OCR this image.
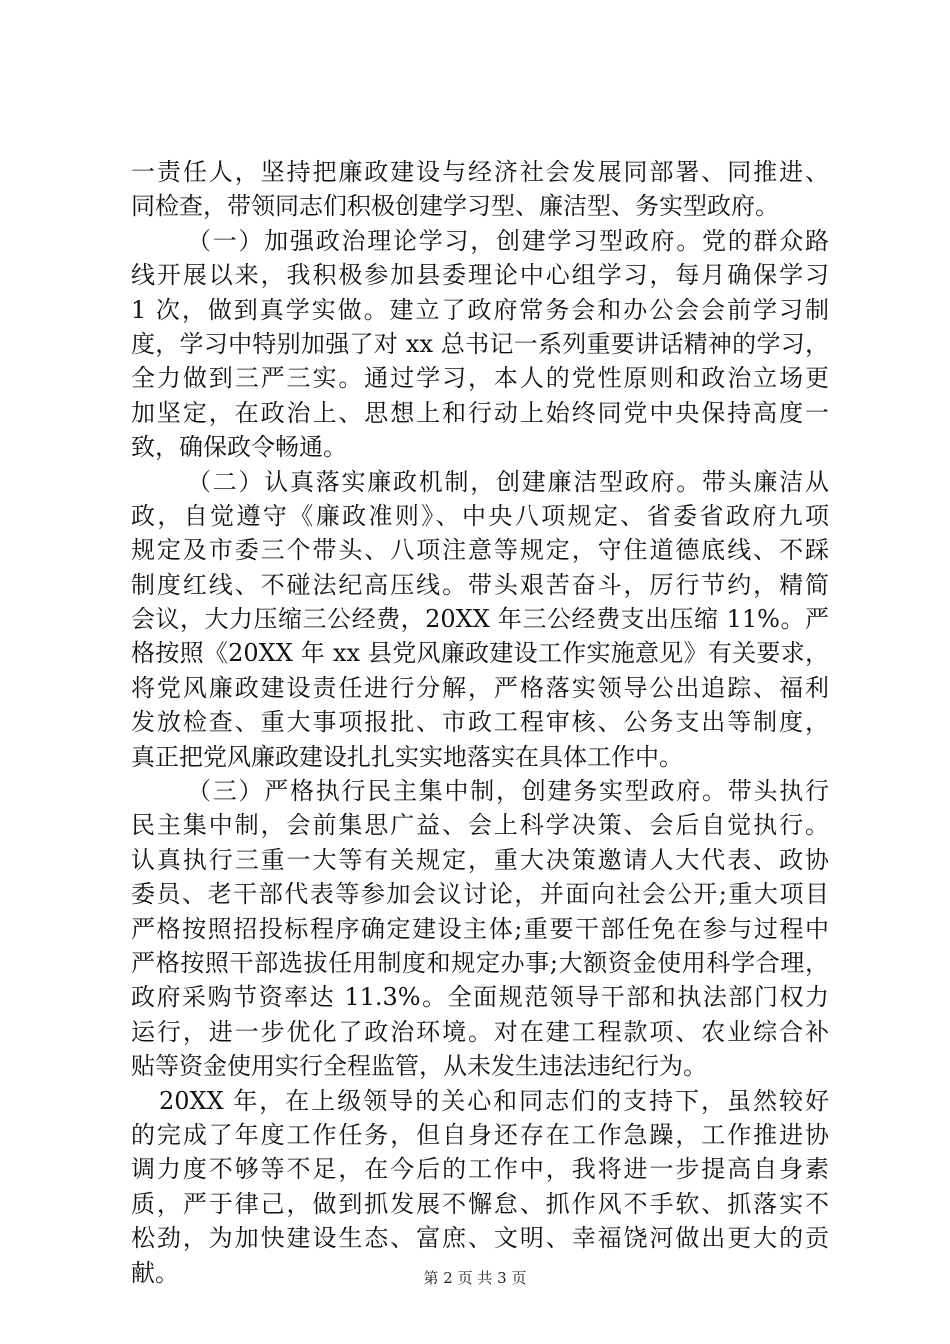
一责任人，坚持把廉政建设与经济社会发展同部署、同推进、
同检查，带领同志们积极创建学习型、廉洁型、务实型政府。
（一）加强政治理论学习，创建学习型政府。党的群众路
线开展以来，我积极参加县委理论中心组学习，每月确保学习
1 次，做到真学实做。建立了政府常务会和办公会会前学习制
度，学习中特别加强了对 xx 总书记一系列重要讲话精神的学习，
全力做到三严三实。通过学习，本人的党性原则和政治立场更
加坚定，在政治上、思想上和行动上始终同党中央保持高度一
致，确保政令畅通。
（二）认真落实廉政机制，创建廉洁型政府。带头廉洁从
政，自觉遵守《廉政准则》、中央八项规定、省委省政府九项
规定及市委三个带头、八项注意等规定，守住道德底线、不踩
制度红线、不碰法纪高压线。带头艰苦奋斗，厉行节约，精简
会议，大力压缩三公经费，20XX 年三公经费支出压缩 11%。严
格按照《20XX 年 xx 县党风廉政建设工作实施意见》有关要求，
将党风廉政建设责任进行分解，严格落实领导公出追踪、福利
发放检查、重大事项报批、市政工程审核、公务支出等制度，
真正把党风廉政建设扎扎实实地落实在具体工作中。
（三）严格执行民主集中制，创建务实型政府。带头执行
民主集中制，会前集思广益、会上科学决策、会后自觉执行。
认真执行三重一大等有关规定，重大决策邀请人大代表、政协
委员、老干部代表等参加会议讨论，并面向社会公开;重大项目
严格按照招投标程序确定建设主体;重要干部任免在参与过程中
严格按照干部选拔任用制度和规定办事;大额资金使用科学合理，
政府采购节资率达 11.3%。全面规范领导干部和执法部门权力
运行，进一步优化了政治环境。对在建工程款项、农业综合补
贴等资金使用实行全程监管，从未发生违法违纪行为。
20XX 年，在上级领导的关心和同志们的支持下，虽然较好
的完成了年度工作任务，但自身还存在工作急躁，工作推进协
调力度不够等不足，在今后的工作中，我将进一步提高自身素
质，严于律己，做到抓发展不懈怠、抓作风不手软、抓落实不
松劲，为加快建设生态、富庶、文明、幸福饶河做出更大的贡
献。	第 2 页 共 3 页
